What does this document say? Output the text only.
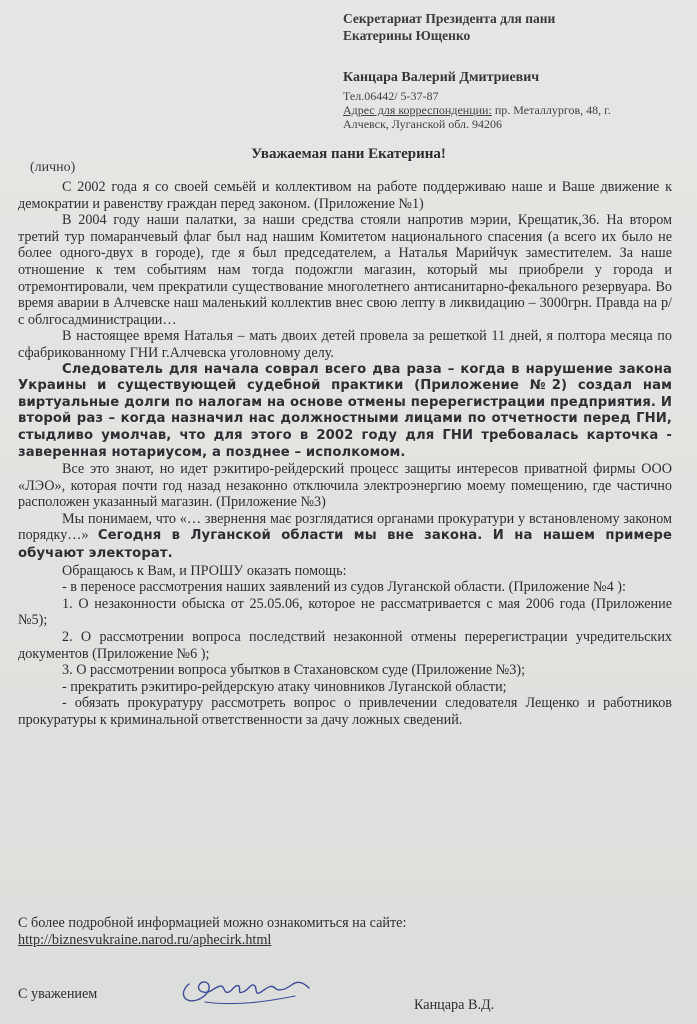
Секретариат Президента для пани
Екатерины Ющенко
Канцара Валерий Дмитриевич
Тел.06442/ 5-37-87
Адрес для корреспонденции: пр. Металлургов, 48, г.
Алчевск, Луганской обл. 94206
Уважаемая пани Екатерина!
(лично)

С 2002 года я со своей семьёй и коллективом на работе поддерживаю наше и Ваше движение к демократии и равенству граждан перед законом. (Приложение №1)

В 2004 году наши палатки, за наши средства стояли напротив мэрии, Крещатик,36. На втором третий тур помаранчевый флаг был над нашим Комитетом национального спасения (а всего их было не более одного-двух в городе), где я был председателем, а Наталья Марийчук заместителем. За наше отношение к тем событиям нам тогда подожгли магазин, который мы приобрели у города и отремонтировали, чем прекратили существование многолетнего антисанитарно-фекального резервуара. Во время аварии в Алчевске наш маленький коллектив внес свою лепту в ликвидацию – 3000грн. Правда на р/с облгосадминистрации…

В настоящее время Наталья – мать двоих детей провела за решеткой 11 дней, я полтора месяца по сфабрикованному ГНИ г.Алчевска уголовному делу.

Следователь для начала соврал всего два раза – когда в нарушение закона Украины и существующей судебной практики (Приложение №2) создал нам виртуальные долги по налогам на основе отмены перерегистрации предприятия. И второй раз – когда назначил нас должностными лицами по отчетности перед ГНИ, стыдливо умолчав, что для этого в 2002 году для ГНИ требовалась карточка - заверенная нотариусом, а позднее – исполкомом.

Все это знают, но идет рэкитиро-рейдерский процесс защиты интересов приватной фирмы ООО «ЛЭО», которая почти год назад незаконно отключила электроэнергию моему помещению, где частично расположен указанный магазин. (Приложение №3)

Мы понимаем, что «… звернення має розглядатися органами прокуратури у встановленому законом порядку…» Сегодня в Луганской области мы вне закона. И на нашем примере обучают электорат.

Обращаюсь к Вам, и ПРОШУ оказать помощь:

- в переносе рассмотрения наших заявлений из судов Луганской области. (Приложение №4 ):

1. О незаконности обыска от 25.05.06, которое не рассматривается с мая 2006 года (Приложение №5);

2. О рассмотрении вопроса последствий незаконной отмены перерегистрации учредительских документов (Приложение №6 );

3. О рассмотрении вопроса убытков в Стахановском суде (Приложение №3);

- прекратить рэкитиро-рейдерскую атаку чиновников Луганской области;

- обязать прокуратуру рассмотреть вопрос о привлечении следователя Лещенко и работников прокуратуры к криминальной ответственности за дачу ложных сведений.

С более подробной информацией можно ознакомиться на сайте:
http://biznesvukraine.narod.ru/aphecirk.html
С уважением
Канцара В.Д.
